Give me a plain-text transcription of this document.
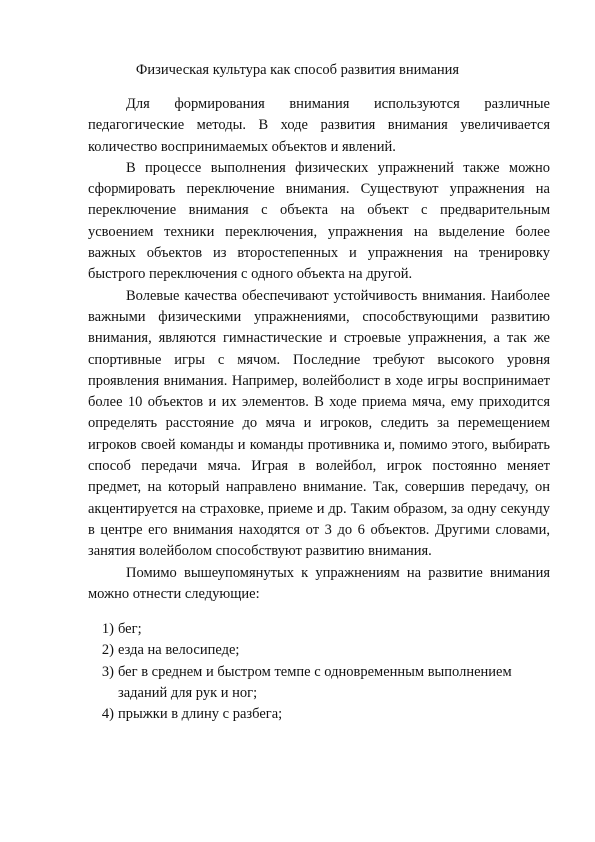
Физическая культура как способ развития внимания

Для формирования внимания используются различные педагогические методы. В ходе развития внимания увеличивается количество воспринимаемых объектов и явлений.

В процессе выполнения физических упражнений также можно сформировать переключение внимания. Существуют упражнения на переключение внимания с объекта на объект с предварительным усвоением техники переключения, упражнения на выделение более важных объектов из второстепенных и упражнения на тренировку быстрого переключения с одного объекта на другой.

Волевые качества обеспечивают устойчивость внимания. Наиболее важными физическими упражнениями, способствующими развитию внимания, являются гимнастические и строевые упражнения, а так же спортивные игры с мячом. Последние требуют высокого уровня проявления внимания. Например, волейболист в ходе игры воспринимает более 10 объектов и их элементов. В ходе приема мяча, ему приходится определять расстояние до мяча и игроков, следить за перемещением игроков своей команды и команды противника и, помимо этого, выбирать способ передачи мяча. Играя в волейбол, игрок постоянно меняет предмет, на который направлено внимание. Так, совершив передачу, он акцентируется на страховке, приеме и др. Таким образом, за одну секунду в центре его внимания находятся от 3 до 6 объектов. Другими словами, занятия волейболом способствуют развитию внимания.

Помимо вышеупомянутых к упражнениям на развитие внимания можно отнести следующие:

1) бег;
2) езда на велосипеде;
3) бег в среднем и быстром темпе с одновременным выполнением заданий для рук и ног;
4) прыжки в длину с разбега;
